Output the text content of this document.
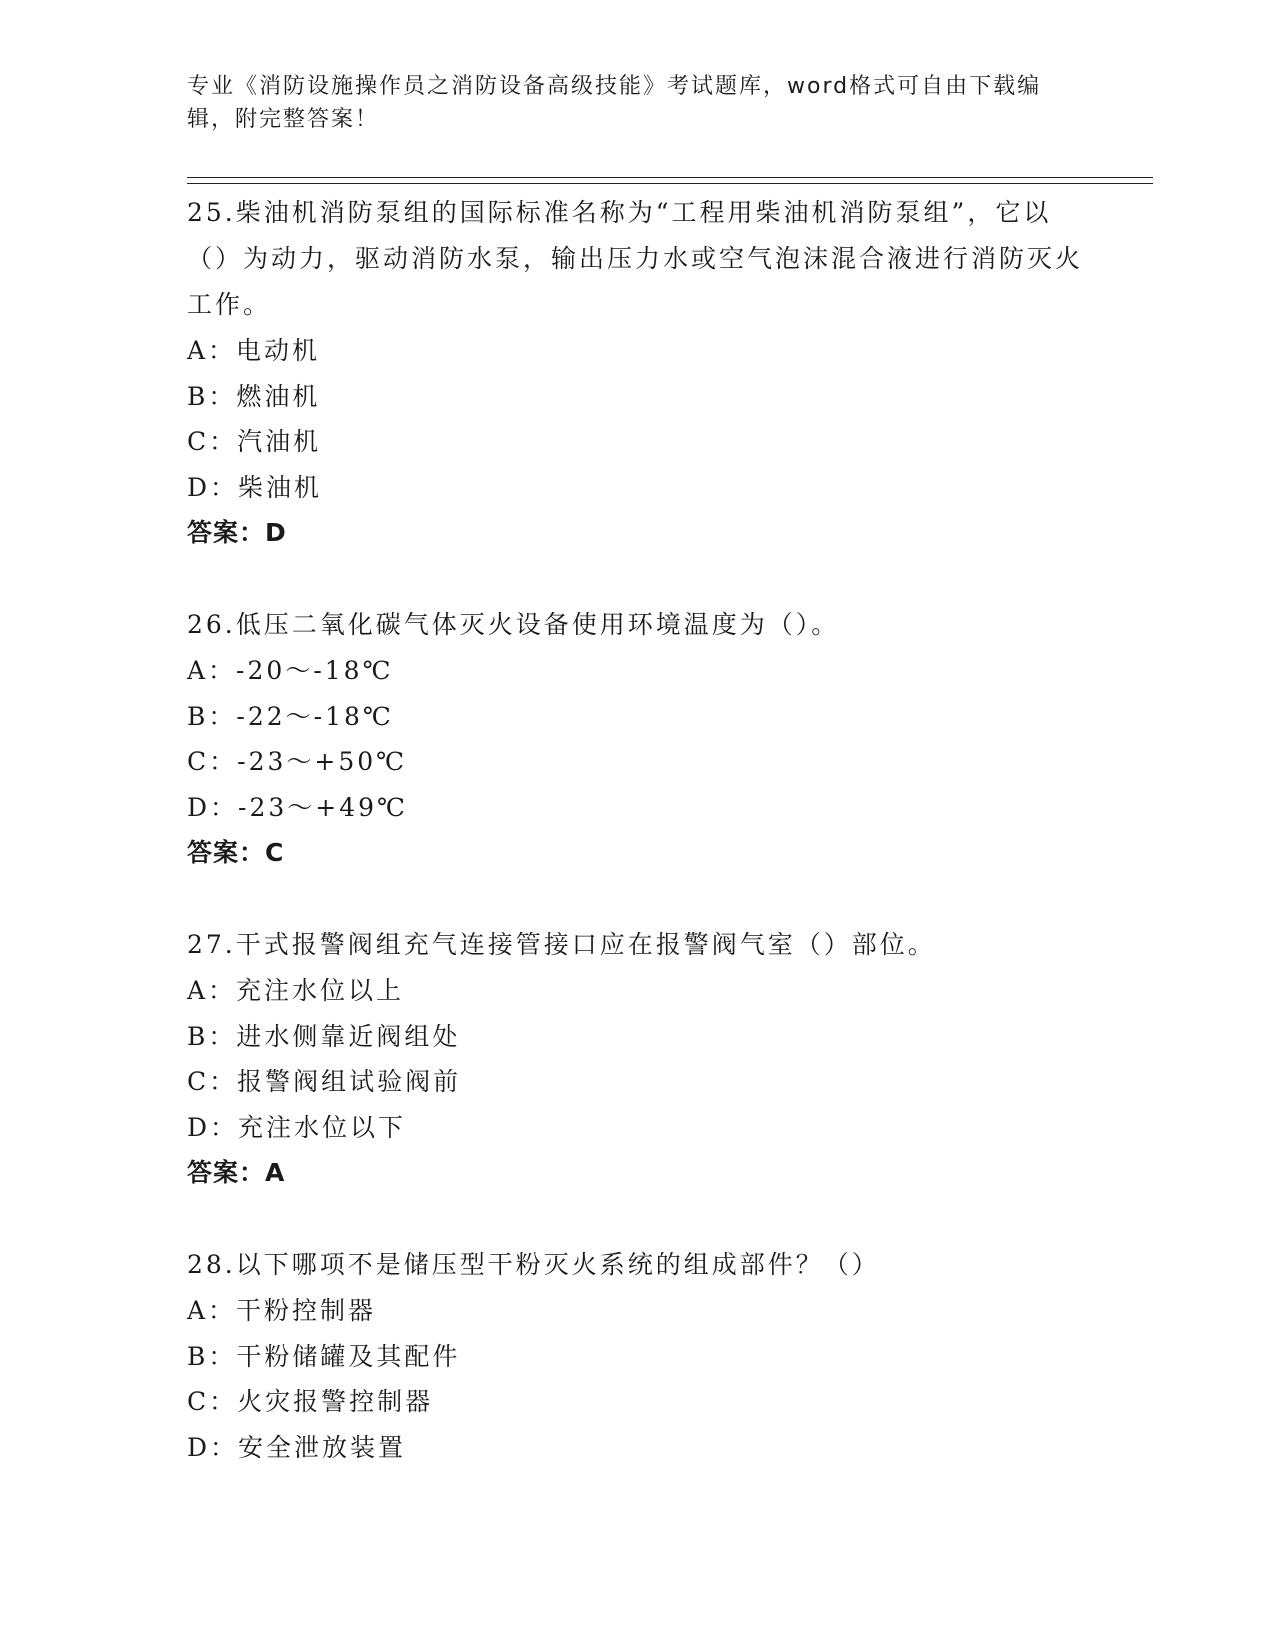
专业《消防设施操作员之消防设备高级技能》考试题库，word格式可自由下载编辑，附完整答案！

25.柴油机消防泵组的国际标准名称为“工程用柴油机消防泵组”，它以（）为动力，驱动消防水泵，输出压力水或空气泡沫混合液进行消防灭火工作。

A：电动机

B：燃油机

C：汽油机

D：柴油机

答案：D

26.低压二氧化碳气体灭火设备使用环境温度为（）。

A：-20～-18℃

B：-22～-18℃

C：-23～+50℃

D：-23～+49℃

答案：C

27.干式报警阀组充气连接管接口应在报警阀气室（）部位。

A：充注水位以上

B：进水侧靠近阀组处

C：报警阀组试验阀前

D：充注水位以下

答案：A

28.以下哪项不是储压型干粉灭火系统的组成部件？（）

A：干粉控制器

B：干粉储罐及其配件

C：火灾报警控制器

D：安全泄放装置
